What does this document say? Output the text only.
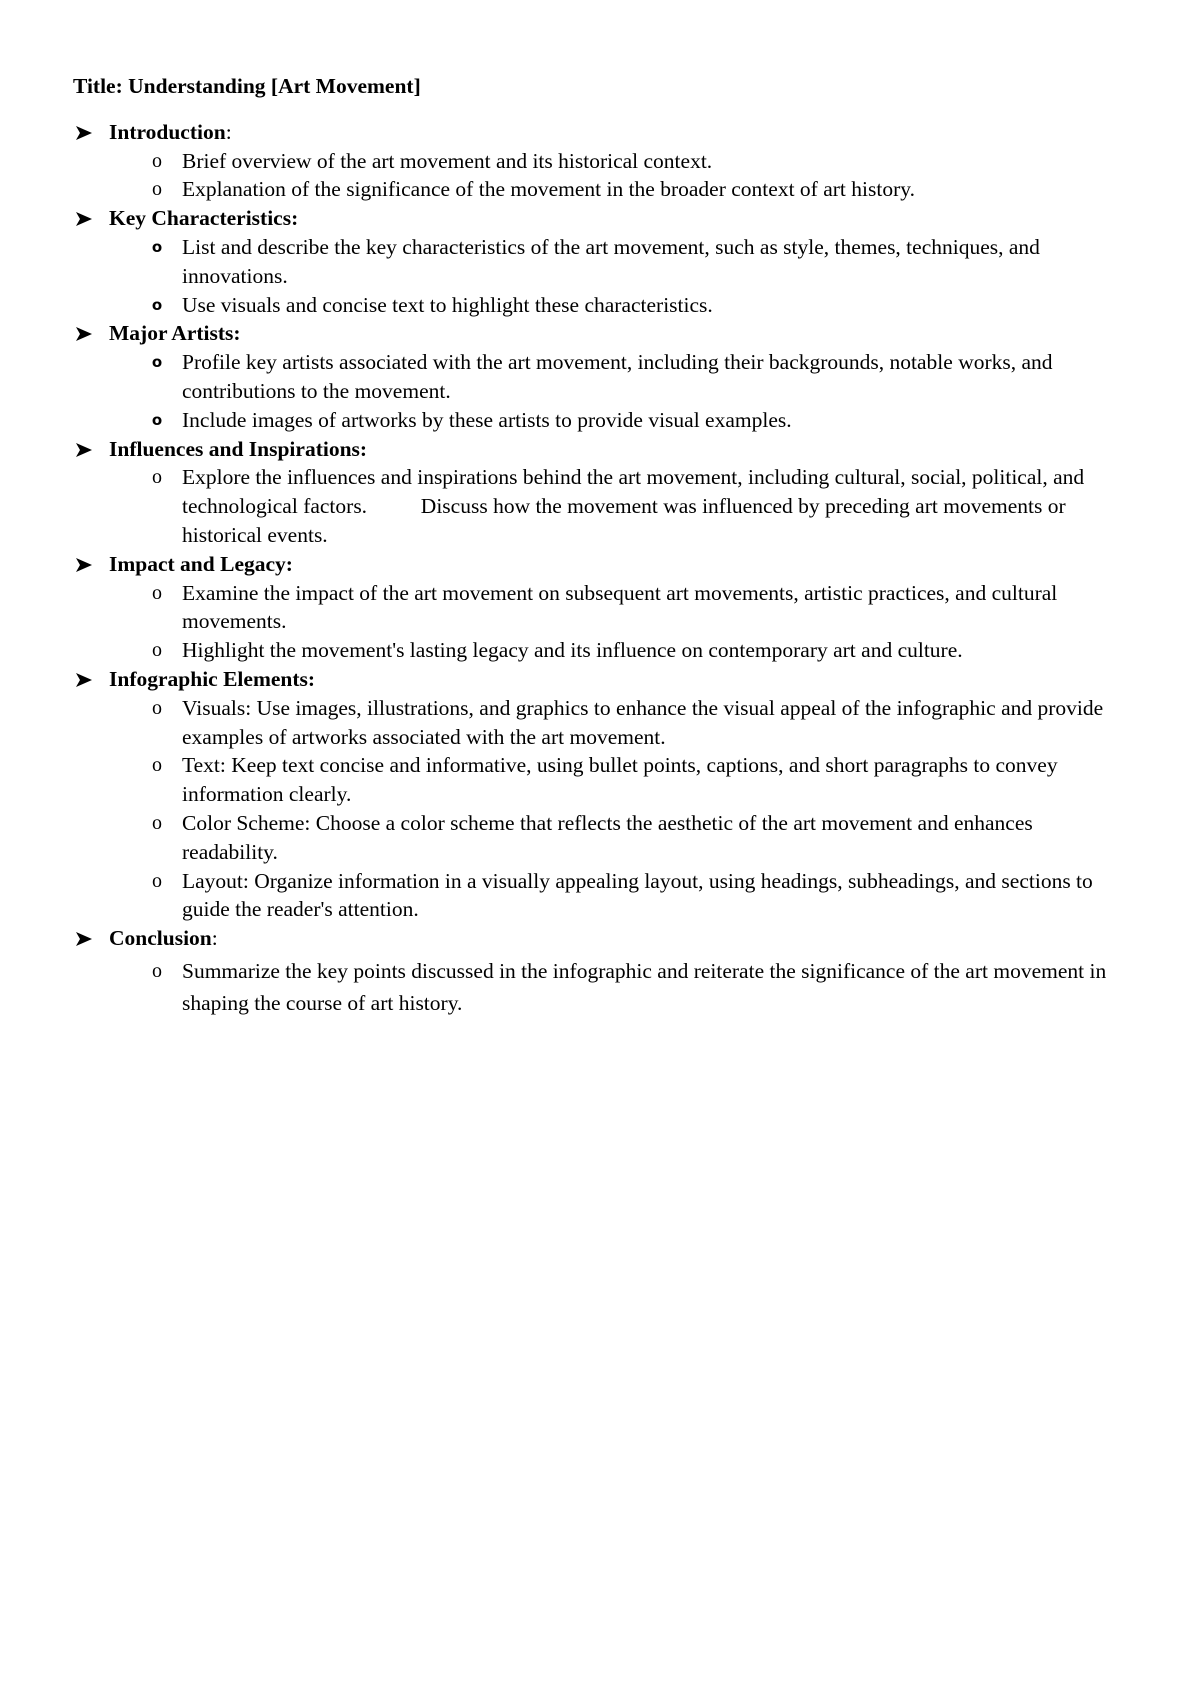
Title: Understanding [Art Movement]
Introduction:
o Brief overview of the art movement and its historical context.
o Explanation of the significance of the movement in the broader context of art history.
Key Characteristics:
o List and describe the key characteristics of the art movement, such as style, themes, techniques, and innovations.
o Use visuals and concise text to highlight these characteristics.
Major Artists:
o Profile key artists associated with the art movement, including their backgrounds, notable works, and contributions to the movement.
o Include images of artworks by these artists to provide visual examples.
Influences and Inspirations:
o Explore the influences and inspirations behind the art movement, including cultural, social, political, and technological factors.          Discuss how the movement was influenced by preceding art movements or historical events.
Impact and Legacy:
o Examine the impact of the art movement on subsequent art movements, artistic practices, and cultural movements.
o Highlight the movement's lasting legacy and its influence on contemporary art and culture.
Infographic Elements:
o Visuals: Use images, illustrations, and graphics to enhance the visual appeal of the infographic and provide examples of artworks associated with the art movement.
o Text: Keep text concise and informative, using bullet points, captions, and short paragraphs to convey information clearly.
o Color Scheme: Choose a color scheme that reflects the aesthetic of the art movement and enhances readability.
o Layout: Organize information in a visually appealing layout, using headings, subheadings, and sections to guide the reader's attention.
Conclusion:
o Summarize the key points discussed in the infographic and reiterate the significance of the art movement in shaping the course of art history.
